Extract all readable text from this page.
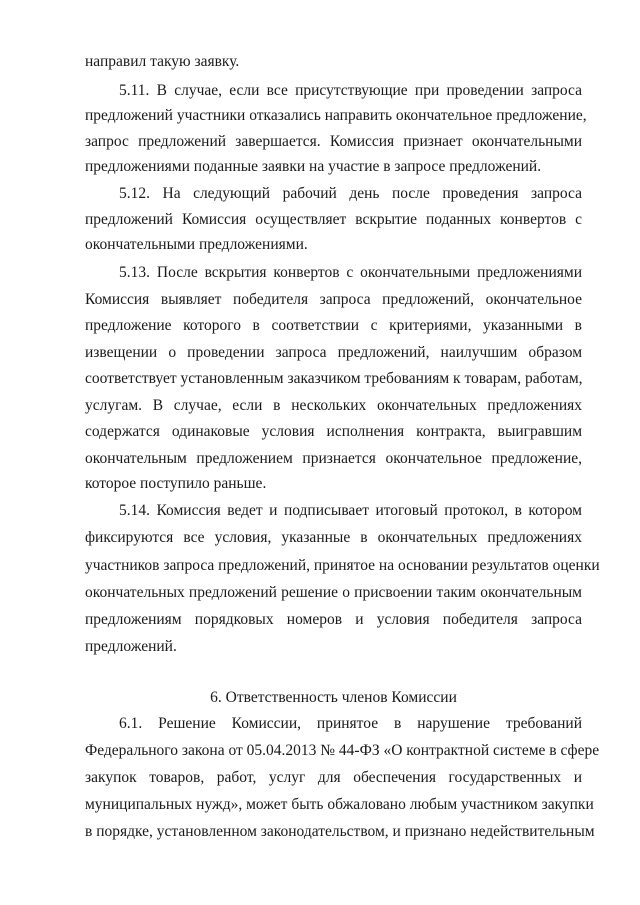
направил такую заявку.
5.11. В случае, если все присутствующие при проведении запроса
предложений участники отказались направить окончательное предложение,
запрос предложений завершается. Комиссия признает окончательными
предложениями поданные заявки на участие в запросе предложений.
5.12. На следующий рабочий день после проведения запроса
предложений Комиссия осуществляет вскрытие поданных конвертов с
окончательными предложениями.
5.13. После вскрытия конвертов с окончательными предложениями
Комиссия выявляет победителя запроса предложений, окончательное
предложение которого в соответствии с критериями, указанными в
извещении о проведении запроса предложений, наилучшим образом
соответствует установленным заказчиком требованиям к товарам, работам,
услугам. В случае, если в нескольких окончательных предложениях
содержатся одинаковые условия исполнения контракта, выигравшим
окончательным предложением признается окончательное предложение,
которое поступило раньше.
5.14. Комиссия ведет и подписывает итоговый протокол, в котором
фиксируются все условия, указанные в окончательных предложениях
участников запроса предложений, принятое на основании результатов оценки
окончательных предложений решение о присвоении таким окончательным
предложениям порядковых номеров и условия победителя запроса
предложений.
6. Ответственность членов Комиссии
6.1. Решение Комиссии, принятое в нарушение требований
Федерального закона от 05.04.2013 № 44-ФЗ «О контрактной системе в сфере
закупок товаров, работ, услуг для обеспечения государственных и
муниципальных нужд», может быть обжаловано любым участником закупки
в порядке, установленном законодательством, и признано недействительным
